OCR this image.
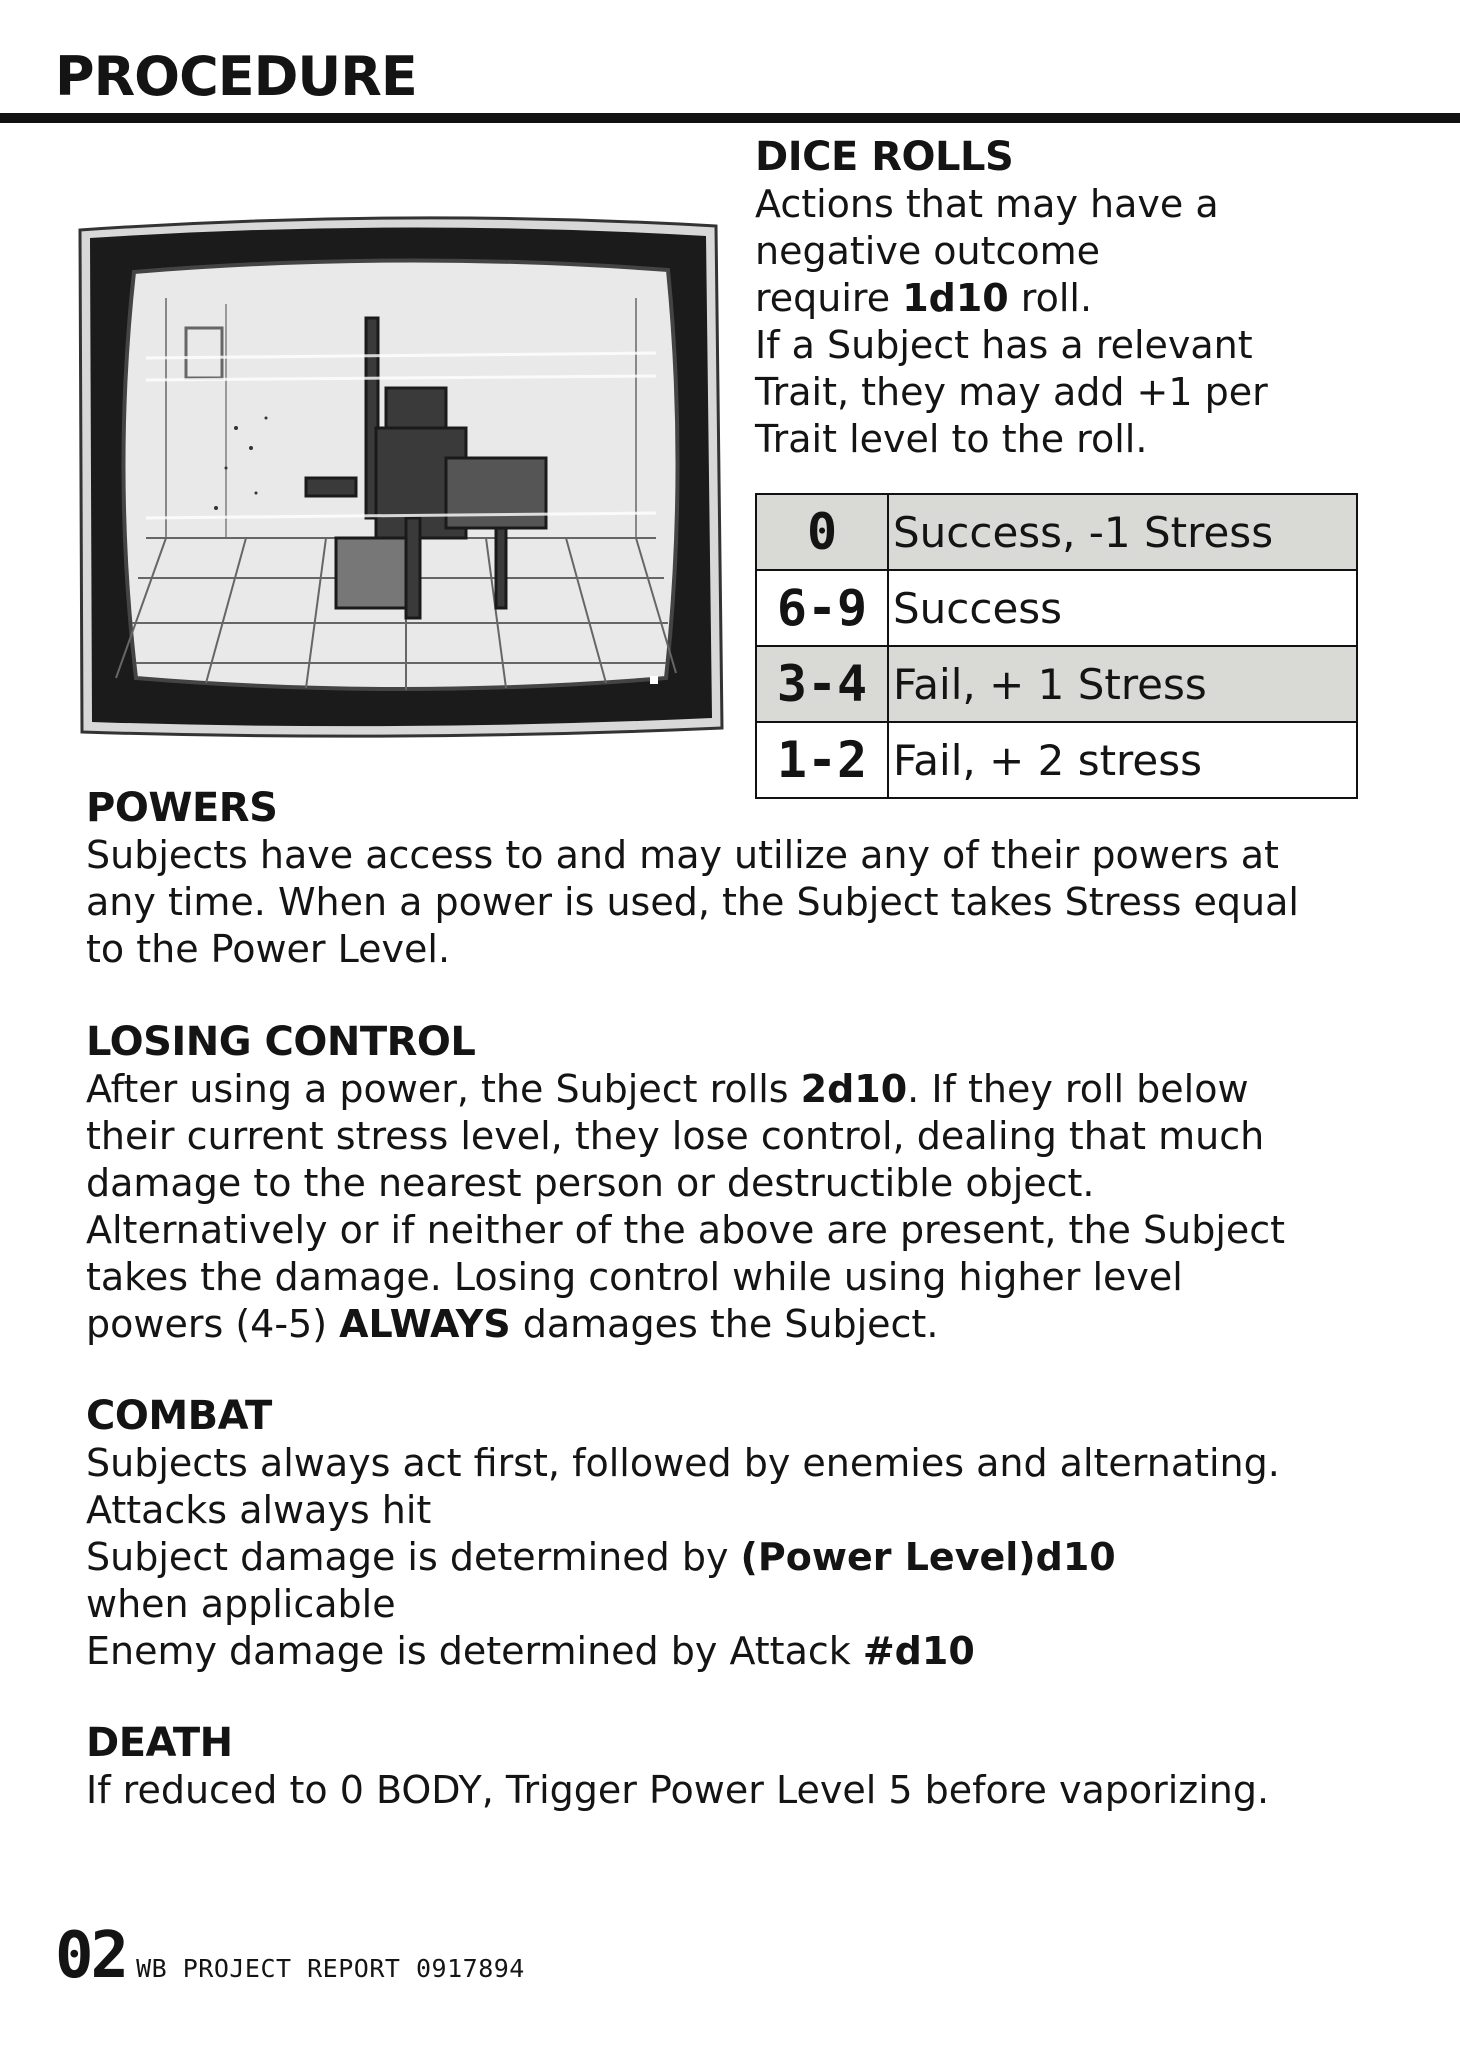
PROCEDURE
DICE ROLLS

Actions that may have a

negative outcome

require 1d10 roll.

If a Subject has a relevant

Trait, they may add +1 per

Trait level to the roll.

0	Success, -1 Stress
6-9	Success
3-4	Fail, + 1 Stress
1-2	Fail, + 2 stress
POWERS

Subjects have access to and may utilize any of their powers at

any time. When a power is used, the Subject takes Stress equal

to the Power Level.

LOSING CONTROL

After using a power, the Subject rolls 2d10. If they roll below

their current stress level, they lose control, dealing that much

damage to the nearest person or destructible object.

Alternatively or if neither of the above are present, the Subject

takes the damage. Losing control while using higher level

powers (4-5) ALWAYS damages the Subject.

COMBAT

Subjects always act first, followed by enemies and alternating.

Attacks always hit

Subject damage is determined by (Power Level)d10

when applicable

Enemy damage is determined by Attack #d10

DEATH

If reduced to 0 BODY, Trigger Power Level 5 before vaporizing.

02 WB PROJECT REPORT 0917894
